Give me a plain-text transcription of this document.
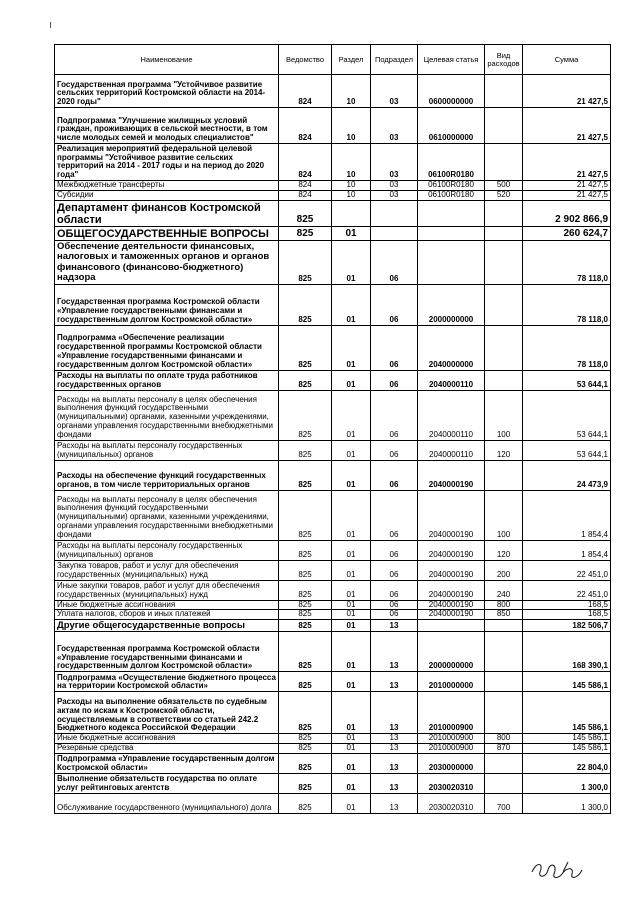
Наименование	Ведомство	Раздел	Подраздел	Целевая статья	Вид расходов	Сумма
Государственная программа "Устойчивое развитие сельских территорий Костромской области на 2014-2020 годы"	824	10	03	0600000000		21 427,5
Подпрограмма "Улучшение жилищных условий граждан, проживающих в сельской местности, в том числе молодых семей и молодых специалистов"	824	10	03	0610000000		21 427,5
Реализация мероприятий федеральной целевой программы "Устойчивое развитие сельских территорий на 2014 - 2017 годы и на период до 2020 года"	824	10	03	06100R0180		21 427,5
Межбюджетные трансферты	824	10	03	06100R0180	500	21 427,5
Субсидии	824	10	03	06100R0180	520	21 427,5
Департамент финансов Костромской области	825					2 902 866,9
ОБЩЕГОСУДАРСТВЕННЫЕ ВОПРОСЫ	825	01				260 624,7
Обеспечение деятельности финансовых, налоговых и таможенных органов и органов финансового (финансово-бюджетного) надзора	825	01	06			78 118,0
Государственная программа Костромской области «Управление государственными финансами и государственным долгом Костромской области»	825	01	06	2000000000		78 118,0
Подпрограмма «Обеспечение реализации государственной программы Костромской области «Управление государственными финансами и государственным долгом Костромской области»	825	01	06	2040000000		78 118,0
Расходы на выплаты по оплате труда работников государственных органов	825	01	06	2040000110		53 644,1
Расходы на выплаты персоналу в целях обеспечения выполнения функций государственными (муниципальными) органами, казенными учреждениями, органами управления государственными внебюджетными фондами	825	01	06	2040000110	100	53 644,1
Расходы на выплаты персоналу государственных (муниципальных) органов	825	01	06	2040000110	120	53 644,1
Расходы на обеспечение функций государственных органов, в том числе территориальных органов	825	01	06	2040000190		24 473,9
Расходы на выплаты персоналу в целях обеспечения выполнения функций государственными (муниципальными) органами, казенными учреждениями, органами управления государственными внебюджетными фондами	825	01	06	2040000190	100	1 854,4
Расходы на выплаты персоналу государственных (муниципальных) органов	825	01	06	2040000190	120	1 854,4
Закупка товаров, работ и услуг для обеспечения государственных (муниципальных) нужд	825	01	06	2040000190	200	22 451,0
Иные закупки товаров, работ и услуг для обеспечения государственных (муниципальных) нужд	825	01	06	2040000190	240	22 451,0
Иные бюджетные ассигнования	825	01	06	2040000190	800	168,5
Уплата налогов, сборов и иных платежей	825	01	06	2040000190	850	168,5
Другие общегосударственные вопросы	825	01	13			182 506,7
Государственная программа Костромской области «Управление государственными финансами и государственным долгом Костромской области»	825	01	13	2000000000		168 390,1
Подпрограмма «Осуществление бюджетного процесса на территории Костромской области»	825	01	13	2010000000		145 586,1
Расходы на выполнение обязательств по судебным актам по искам к Костромской области, осуществляемым в соответствии со статьей 242.2 Бюджетного кодекса Российской Федерации	825	01	13	2010000900		145 586,1
Иные бюджетные ассигнования	825	01	13	2010000900	800	145 586,1
Резервные средства	825	01	13	2010000900	870	145 586,1
Подпрограмма «Управление государственным долгом Костромской области»	825	01	13	2030000000		22 804,0
Выполнение обязательств государства по оплате услуг рейтинговых агентств	825	01	13	2030020310		1 300,0
Обслуживание государственного (муниципального) долга	825	01	13	2030020310	700	1 300,0
